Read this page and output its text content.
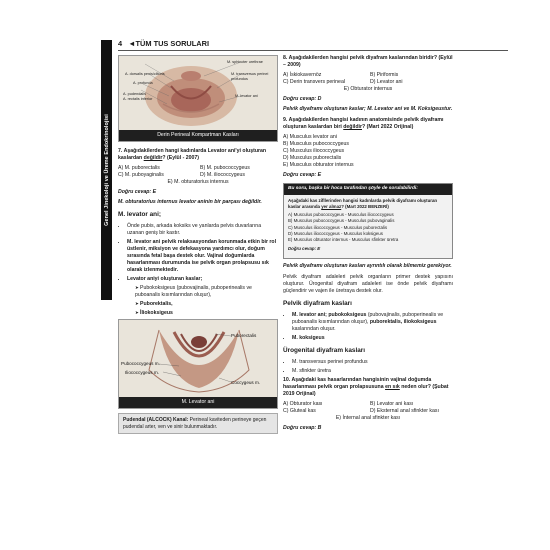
Genel Jinekoloji ve Üreme Endokrinolojisi
4 ◄TÜM TUS SORULARI
A. dorsalis penis/clitoris
A. profunda
A. pudendalis
A. rectalis inferior
M. sphincter urethrae
M. transversus perinei profundus
M. levator ani
Derin Perineal Kompartman Kasları
7. Aşağıdakilerden hangi kadınlarda Levator ani'yi oluşturan kaslardan değildir? (Eylül - 2007)
A) M. puborectalis	B) M. pubococcygeus
C) M. puboyaginalis	D) M. iliococcygeus
E) M. obturatorius internus
Doğru cevap: E
M. obturatorius internus levator aninin bir parçası değildir.
M. levator ani;
• Önde pubis, arkada koksiks ve yanlarda pelvis duvarlarına uzanan geniş bir kastır.
• M. levator ani pelvik relaksasyondan korunmada etkin bir rol üstlenir, miksiyon ve defekasyona yardımcı olur, doğum sırasında fetal başa destek olur. Vajinal doğumlarda hasarlanması durumunda ise pelvik organ prolapsusu sık olarak izlenmektedir.
• Levator aniyi oluşturan kaslar;
➤ Pubokoksigeus (pubovajinalis, puboperinealis ve puboanalis kısımlarından oluşur),
➤ Puborektalis,
➤ İliokoksigeus
Puborectalis
Pubococcygeus m.
Iliococcygeus m.
Coccygeus m.
M. Levator ani
Pudendal (ALCOCK) Kanal: Perineal kaviteden perineye geçen pudendal arter, ven ve sinir bulunmaktadır.
8. Aşağıdakilerden hangisi pelvik diyafram kaslarından biridir? (Eylül – 2009)
A) İskiokavernöz	B) Piriformis
C) Derin transvers perineal	D) Levator ani
E) Obturator internus
Doğru cevap: D
Pelvik diyaframı oluşturan kaslar; M. Levator ani ve M. Koksigeustur.
9. Aşağıdakilerden hangisi kadının anatomisinde pelvik diyaframı oluşturan kaslardan biri değildir? (Mart 2022 Orijinal)
A) Musculus levator ani
B) Musculus pubococcygeus
C) Musculus iliococcygeus
D) Musculus puborectalis
E) Musculus obturator internus
Doğru cevap: E
Bu soru, başka bir hoca tarafından şöyle de sorulabilirdi:
Aşağıdaki kas zifllerinden hangisi kadınlarda pelvik diyaframı oluşturan kaslar arasında yer almaz? (Mart 2022 BENZERİ)
A) Musculus pubococcygeus - Musculus iliococcygeus
B) Musculus pubococcygeus - Musculus pubovaginalis
C) Musculus iliococcygeus - Musculus puborectalis
D) Musculus iliococcygeus - Musculus koksigeus
E) Musculus obturator internus - Musculus sfinkter üretra
Doğru cevap: E
Pelvik diyaframı oluşturan kasları ayrıntılı olarak bilmemiz gerekiyor.
Pelvik diyafram adaleleri pelvik organların primer destek yapısını oluşturur. Ürogenital diyafram adaleleri ise önde pelvik diyaframı güçlendirir ve vajen ile üretraya destek olur.
Pelvik diyafram kasları
• M. levator ani; pubokoksigeus (pubovajinalis, puboperinealis ve puboanalis kısımlarından oluşur), puborektalis, iliokoksigeus kaslarından oluşur.
• M. koksigeus
Ürogenital diyafram kasları
• M. transversus perinei profundus
• M. sfinkter üretra
10. Aşağıdaki kas hasarlarından hangisinin vajinal doğumda hasarlanması pelvik organ prolapsusuna en sık neden olur? (Şubat 2019 Orijinal)
A) Obturator kası	B) Levator ani kası
C) Gluteal kas	D) Eksternal anal sfinkter kası
E) İnternal anal sfinkter kası
Doğru cevap: B
